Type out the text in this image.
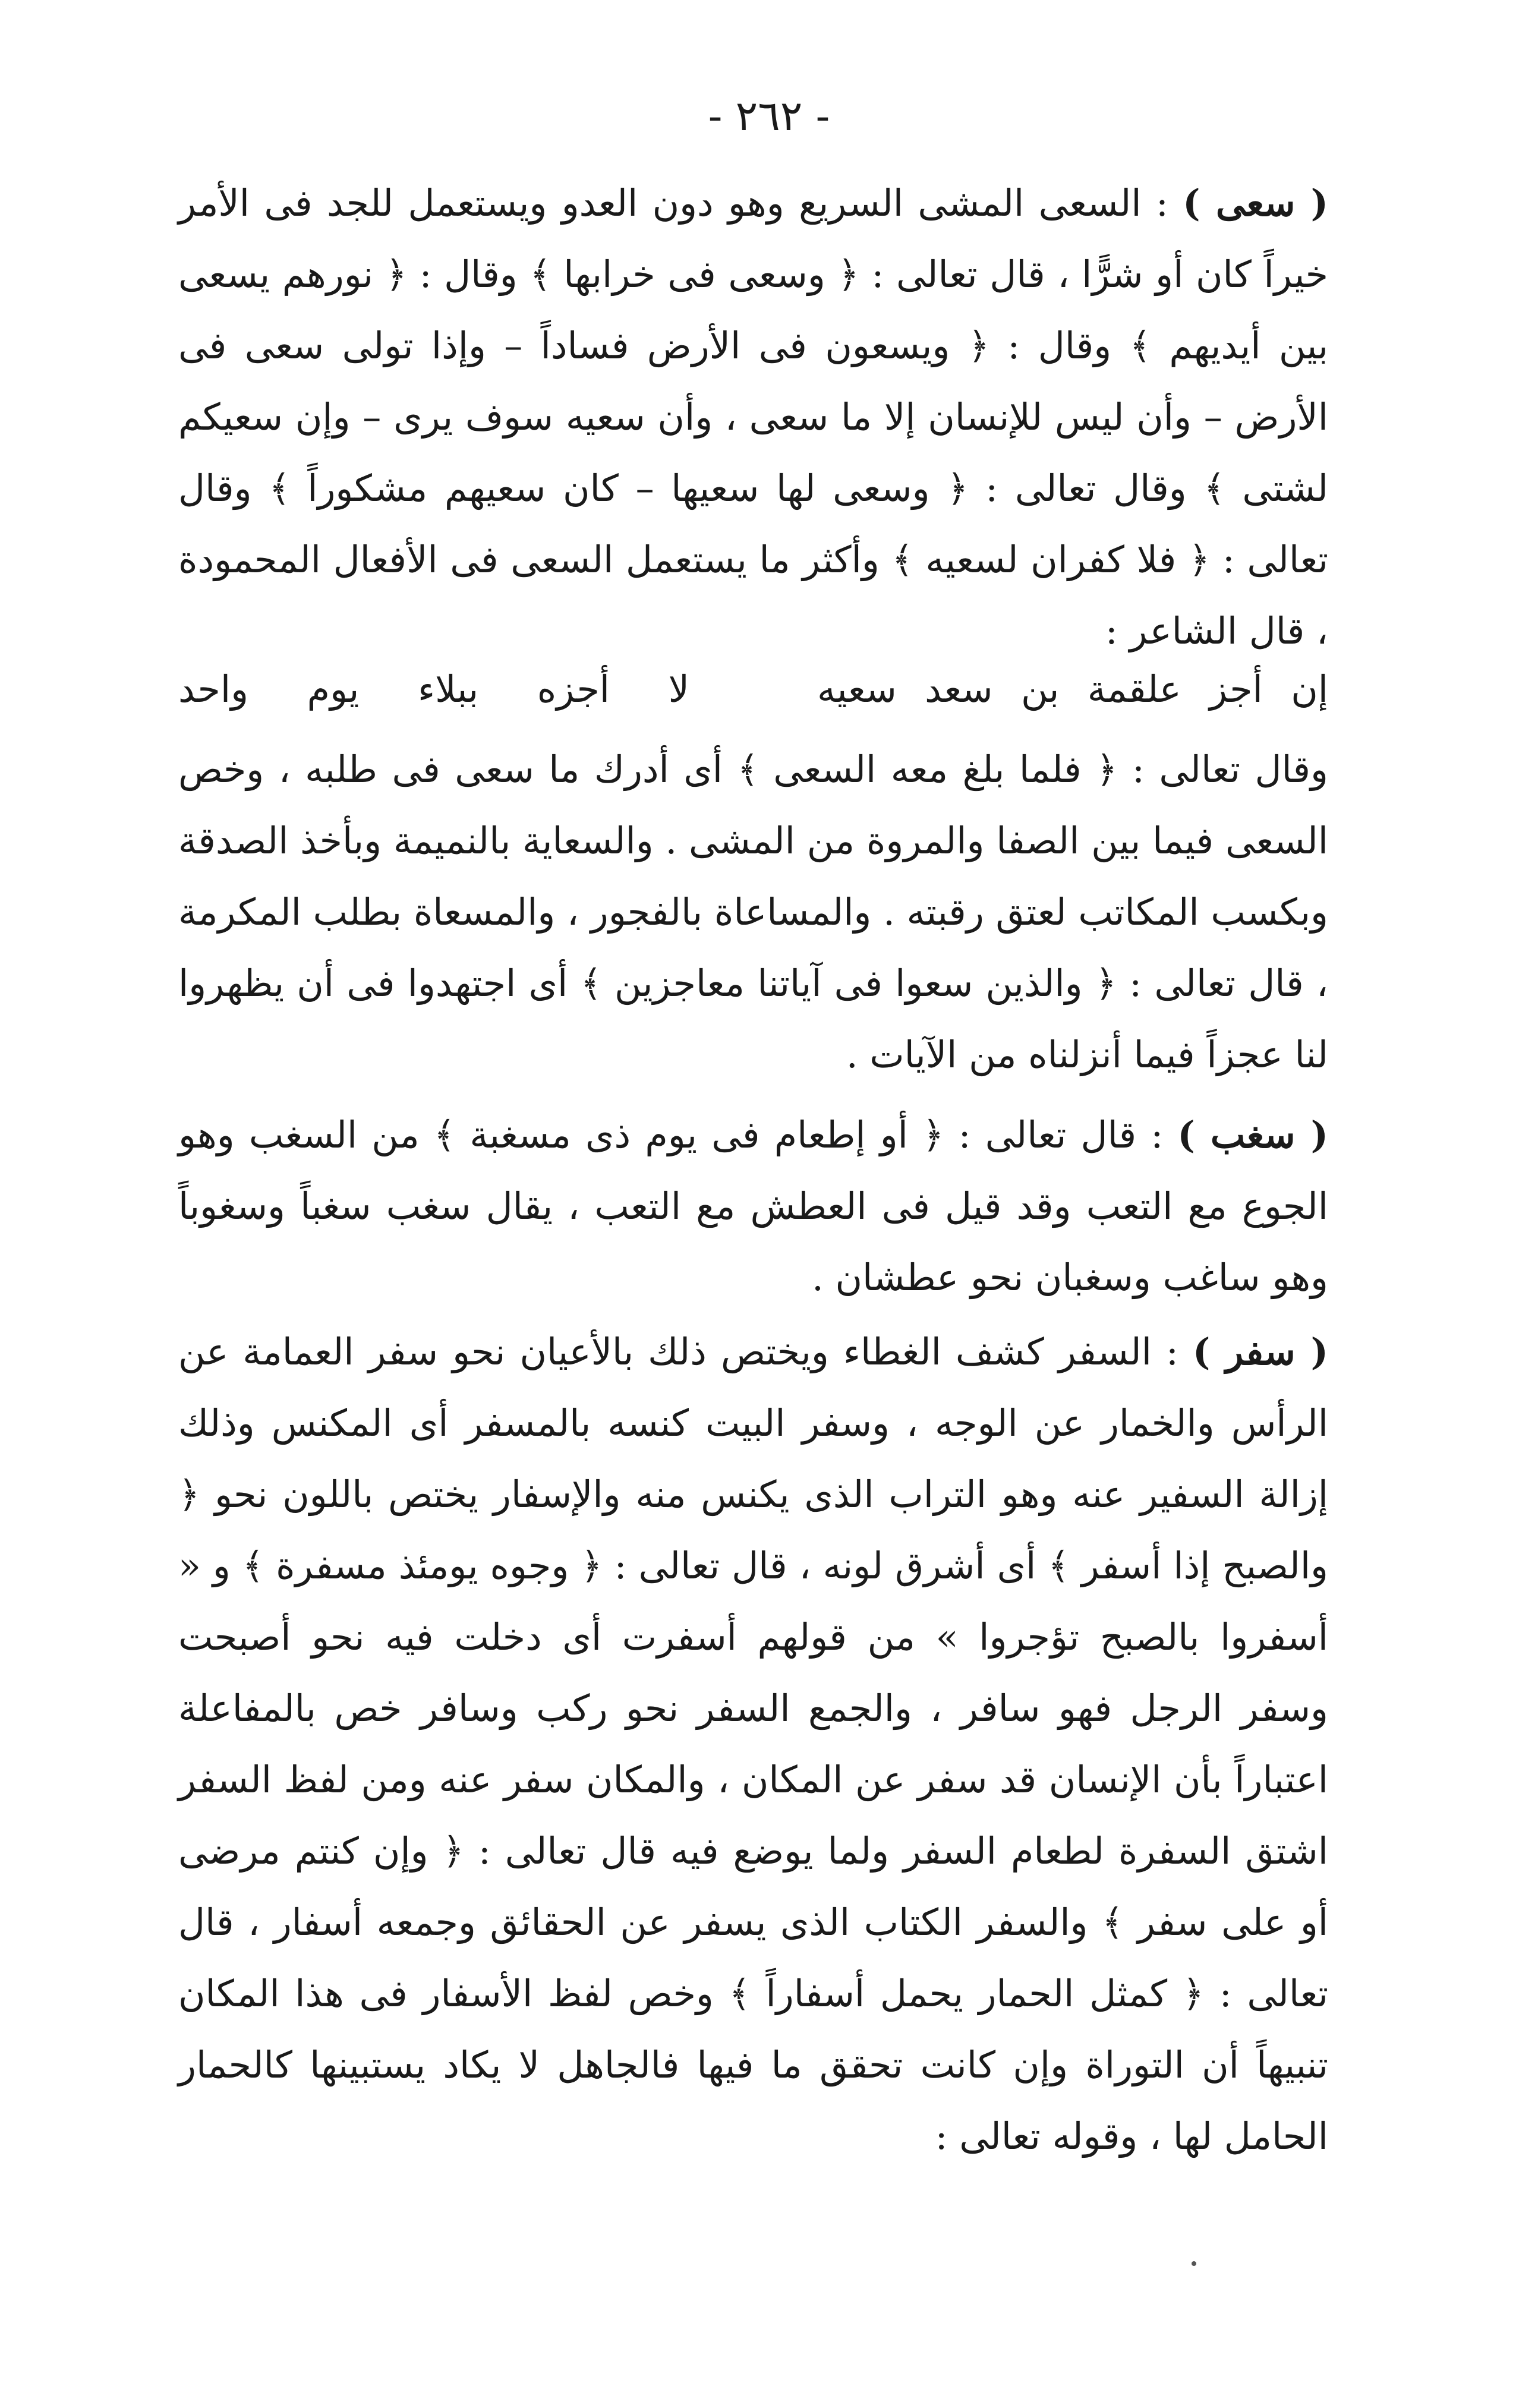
- ٢٦٢ -

( سعى ) : السعى المشى السريع وهو دون العدو ويستعمل للجد فى الأمر خيراً كان أو شرًّا ، قال تعالى : ﴿ وسعى فى خرابها ﴾ وقال : ﴿ نورهم يسعى بين أيديهم ﴾ وقال : ﴿ ويسعون فى الأرض فساداً – وإذا تولى سعى فى الأرض – وأن ليس للإنسان إلا ما سعى ، وأن سعيه سوف يرى – وإن سعيكم لشتى ﴾ وقال تعالى : ﴿ وسعى لها سعيها – كان سعيهم مشكوراً ﴾ وقال تعالى : ﴿ فلا كفران لسعيه ﴾ وأكثر ما يستعمل السعى فى الأفعال المحمودة ، قال الشاعر :

إن أجز علقمة بن سعد سعيه
لا أجزه ببلاء يوم واحد

وقال تعالى : ﴿ فلما بلغ معه السعى ﴾ أى أدرك ما سعى فى طلبه ، وخص السعى فيما بين الصفا والمروة من المشى . والسعاية بالنميمة وبأخذ الصدقة وبكسب المكاتب لعتق رقبته . والمساعاة بالفجور ، والمسعاة بطلب المكرمة ، قال تعالى : ﴿ والذين سعوا فى آياتنا معاجزين ﴾ أى اجتهدوا فى أن يظهروا لنا عجزاً فيما أنزلناه من الآيات .

( سغب ) : قال تعالى : ﴿ أو إطعام فى يوم ذى مسغبة ﴾ من السغب وهو الجوع مع التعب وقد قيل فى العطش مع التعب ، يقال سغب سغباً وسغوباً وهو ساغب وسغبان نحو عطشان .

( سفر ) : السفر كشف الغطاء ويختص ذلك بالأعيان نحو سفر العمامة عن الرأس والخمار عن الوجه ، وسفر البيت كنسه بالمسفر أى المكنس وذلك إزالة السفير عنه وهو التراب الذى يكنس منه والإسفار يختص باللون نحو ﴿ والصبح إذا أسفر ﴾ أى أشرق لونه ، قال تعالى : ﴿ وجوه يومئذ مسفرة ﴾ و « أسفروا بالصبح تؤجروا » من قولهم أسفرت أى دخلت فيه نحو أصبحت وسفر الرجل فهو سافر ، والجمع السفر نحو ركب وسافر خص بالمفاعلة اعتباراً بأن الإنسان قد سفر عن المكان ، والمكان سفر عنه ومن لفظ السفر اشتق السفرة لطعام السفر ولما يوضع فيه قال تعالى : ﴿ وإن كنتم مرضى أو على سفر ﴾ والسفر الكتاب الذى يسفر عن الحقائق وجمعه أسفار ، قال تعالى : ﴿ كمثل الحمار يحمل أسفاراً ﴾ وخص لفظ الأسفار فى هذا المكان تنبيهاً أن التوراة وإن كانت تحقق ما فيها فالجاهل لا يكاد يستبينها كالحمار الحامل لها ، وقوله تعالى :
